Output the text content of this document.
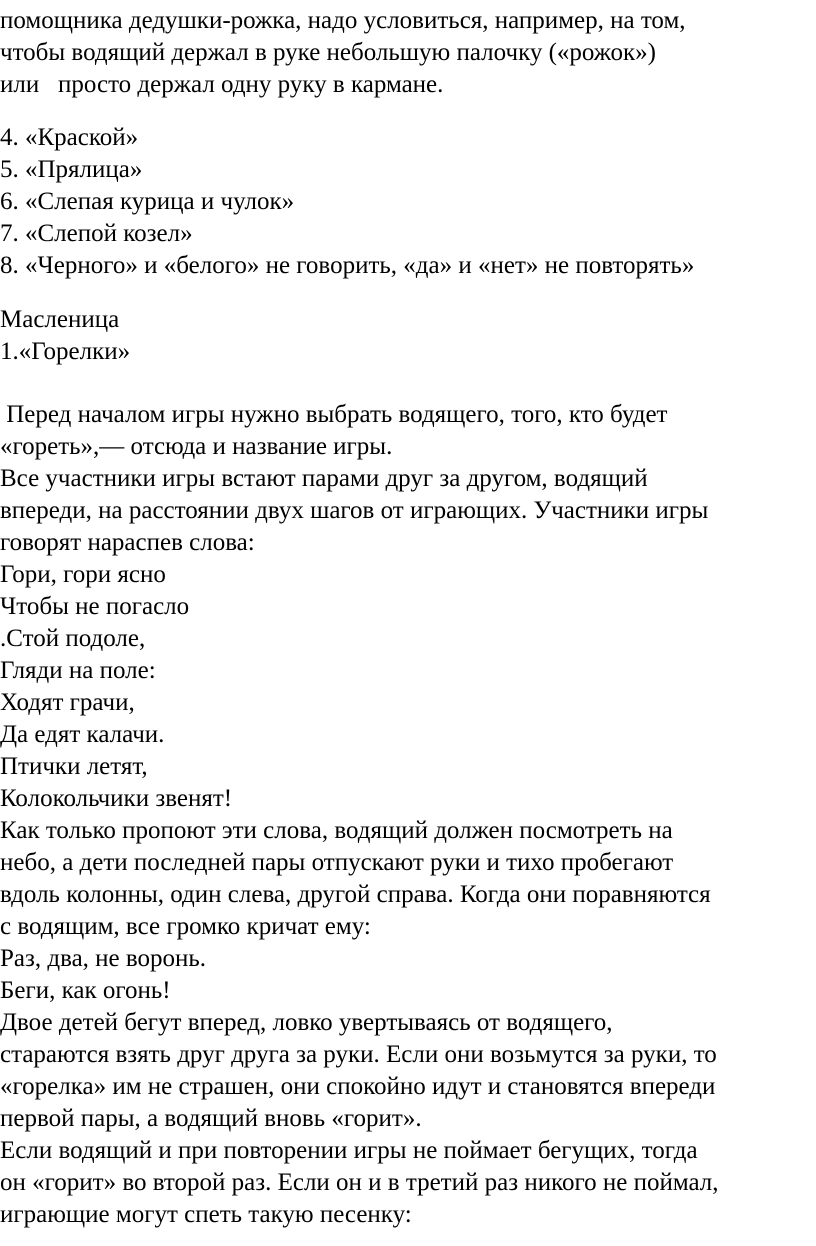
помощника дедушки-рожка, надо условиться, например, на том,
чтобы водящий держал в руке небольшую палочку («рожок»)
или   просто держал одну руку в кармане.
4. «Краской»
5. «Прялица»
6. «Слепая курица и чулок»
7. «Слепой козел»
8. «Черного» и «белого» не говорить, «да» и «нет» не повторять»
Масленица
1.«Горелки»
Перед началом игры нужно выбрать водящего, того, кто будет
«гореть»,— отсюда и название игры.
Все участники игры встают парами друг за другом, водящий
впереди, на расстоянии двух шагов от играющих. Участники игры
говорят нараспев слова:
Гори, гори ясно
Чтобы не погасло
.Стой подоле,
Гляди на поле:
Ходят грачи,
Да едят калачи.
Птички летят,
Колокольчики звенят!
Как только пропоют эти слова, водящий должен посмотреть на
небо, а дети последней пары отпускают руки и тихо пробегают
вдоль колонны, один слева, другой справа. Когда они поравняются
с водящим, все громко кричат ему:
Раз, два, не воронь.
Беги, как огонь!
Двое детей бегут вперед, ловко увертываясь от водящего,
стараются взять друг друга за руки. Если они возьмутся за руки, то
«горелка» им не страшен, они спокойно идут и становятся впереди
первой пары, а водящий вновь «горит».
Если водящий и при повторении игры не поймает бегущих, тогда
он «горит» во второй раз. Если он и в третий раз никого не поймал,
играющие могут спеть такую песенку:
